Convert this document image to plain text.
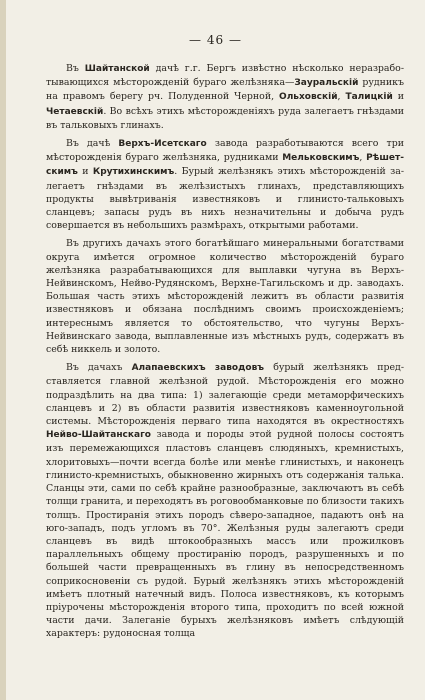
— 46 —

Въ Шайтанской дачѣ г.г. Бергъ извѣстно нѣсколько неразработывающихся мѣсторожденій бураго желѣзняка—Зауральскій рудникъ на правомъ берегу рч. Полуденной Черной, Ольховскій, Талицкій и Четаевскій. Во всѣхъ этихъ мѣсторожденіяхъ руда залегаетъ гнѣздами въ тальковыхъ глинахъ.

Въ дачѣ Верхъ-Исетскаго завода разработываются всего три мѣсторожденія бураго желѣзняка, рудниками Мельковскимъ, Рѣшетскимъ и Крутихинскимъ. Бурый желѣзнякъ этихъ мѣсторожденій залегаетъ гнѣздами въ желѣзистыхъ глинахъ, представляющихъ продукты вывѣтриванія известняковъ и глинисто-тальковыхъ сланцевъ; запасы рудъ въ нихъ незначительны и добыча рудъ совершается въ небольшихъ размѣрахъ, открытыми работами.

Въ другихъ дачахъ этого богатѣйшаго минеральными богатствами округа имѣется огромное количество мѣсторожденій бураго желѣзняка разрабатывающихся для выплавки чугуна въ Верхъ-Нейвинскомъ, Нейво-Рудянскомъ, Верхне-Тагильскомъ и др. заводахъ. Большая часть этихъ мѣсторожденій лежитъ въ области развитія известняковъ и обязана послѣднимъ своимъ происхожденіемъ; интереснымъ является то обстоятельство, что чугуны Верхъ-Нейвинскаго завода, выплавленные изъ мѣстныхъ рудъ, содержатъ въ себѣ никкель и золото.

Въ дачахъ Алапаевскихъ заводовъ бурый желѣзнякъ представляется главной желѣзной рудой. Мѣсторожденія его можно подраздѣлить на два типа: 1) залегающіе среди метаморфическихъ сланцевъ и 2) въ области развитія известняковъ каменноугольной системы. Мѣсторожденія перваго типа находятся въ окрестностяхъ Нейво-Шайтанскаго завода и породы этой рудной полосы состоятъ изъ перемежающихся пластовъ сланцевъ слюдяныхъ, кремнистыхъ, хлоритовыхъ—почти всегда болѣе или менѣе глинистыхъ, и наконецъ глинисто-кремнистыхъ, обыкновенно жирныхъ отъ содержанія талька. Сланцы эти, сами по себѣ крайне разнообразные, заключаютъ въ себѣ толщи гранита, и переходятъ въ роговообманковые по близости такихъ толщъ. Простиранія этихъ породъ сѣверо-западное, падаютъ онѣ на юго-западъ, подъ угломъ въ 70°. Желѣзныя руды залегаютъ среди сланцевъ въ видѣ штокообразныхъ массъ или прожилковъ параллельныхъ общему простиранію породъ, разрушенныхъ и по большей части превращенныхъ въ глину въ непосредственномъ соприкосновеніи съ рудой. Бурый желѣзнякъ этихъ мѣсторожденій имѣетъ плотный натечный видъ. Полоса известняковъ, къ которымъ пріурочены мѣсторожденія второго типа, проходитъ по всей южной части дачи. Залеганіе бурыхъ желѣзняковъ имѣетъ слѣдующій характеръ: рудоносная толща
